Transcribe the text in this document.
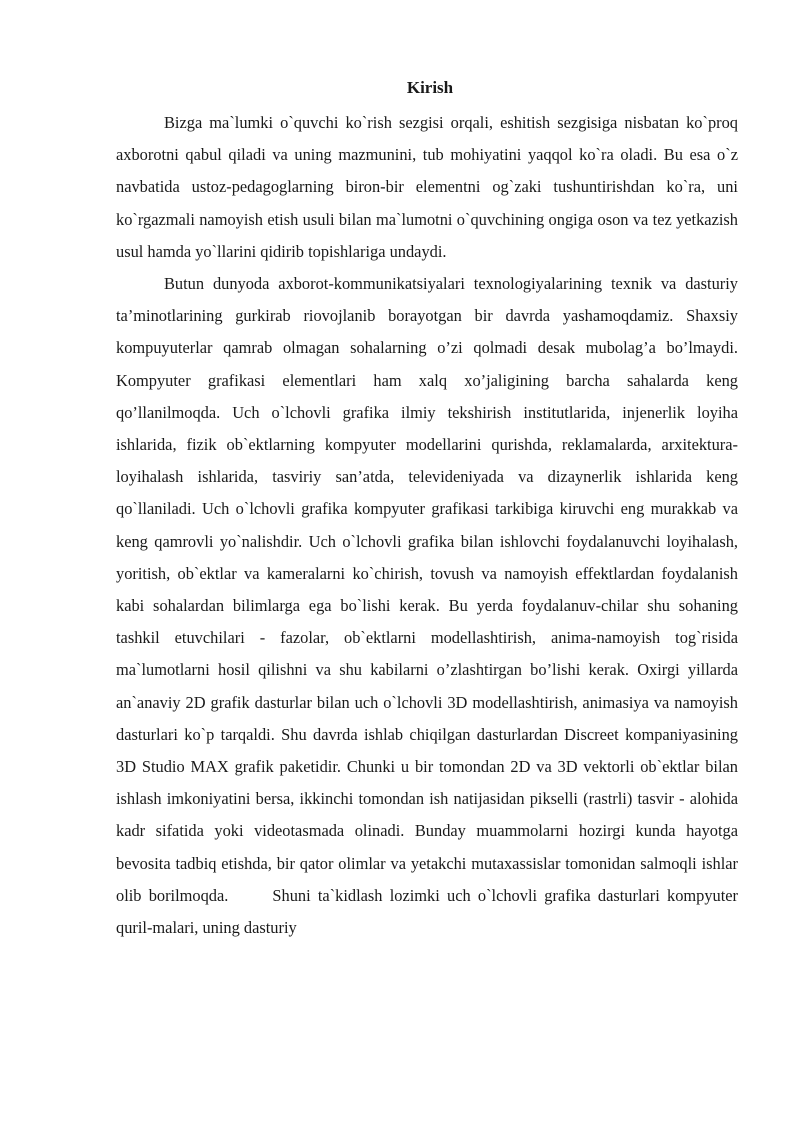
Kirish

Bizga ma`lumki o`quvchi ko`rish sezgisi orqali, eshitish sezgisiga nisbatan ko`proq axborotni qabul qiladi va uning mazmunini, tub mohiyatini yaqqol ko`ra oladi. Bu esa o`z navbatida ustoz-pedagoglarning biron-bir elementni og`zaki tushuntirishdan ko`ra, uni ko`rgazmali namoyish etish usuli bilan ma`lumotni o`quvchining ongiga oson va tez yetkazish usul hamda yo`llarini qidirib topishlariga undaydi.

Butun dunyoda axborot-kommunikatsiyalari texnologiyalarining texnik va dasturiy ta’minotlarining gurkirab riovojlanib borayotgan bir davrda yashamoqdamiz. Shaxsiy kompuyuterlar qamrab olmagan sohalarning o’zi qolmadi desak mubolag’a bo’lmaydi. Kompyuter grafikasi elementlari ham xalq xo’jaligining barcha sahalarda keng qo’llanilmoqda. Uch o`lchovli grafika ilmiy tekshirish institutlarida, injenerlik loyiha ishlarida, fizik ob`ektlarning kompyuter modellarini qurishda, reklamalarda, arxitektura-loyihalash ishlarida, tasviriy san’atda, televideniyada va dizaynerlik ishlarida keng qo`llaniladi. Uch o`lchovli grafika kompyuter grafikasi tarkibiga kiruvchi eng murakkab va keng qamrovli yo`nalishdir. Uch o`lchovli grafika bilan ishlovchi foydalanuvchi loyihalash, yoritish, ob`ektlar va kameralarni ko`chirish, tovush va namoyish effektlardan foydalanish kabi sohalardan bilimlarga ega bo`lishi kerak. Bu yerda foydalanuv-chilar shu sohaning tashkil etuvchilari - fazolar, ob`ektlarni modellashtirish, anima-namoyish tog`risida ma`lumotlarni hosil qilishni va shu kabilarni o’zlashtirgan bo’lishi kerak. Oxirgi yillarda an`anaviy 2D grafik dasturlar bilan uch o`lchovli 3D modellashtirish, animasiya va namoyish dasturlari ko`p tarqaldi. Shu davrda ishlab chiqilgan dasturlardan Discreet kompaniyasining 3D Studio MAX grafik paketidir. Chunki u bir tomondan 2D va 3D vektorli ob`ektlar bilan ishlash imkoniyatini bersa, ikkinchi tomondan ish natijasidan pikselli (rastrli) tasvir - alohida kadr sifatida yoki videotasmada olinadi. Bunday muammolarni hozirgi kunda hayotga bevosita tadbiq etishda, bir qator olimlar va yetakchi mutaxassislar tomonidan salmoqli ishlar olib borilmoqda.	Shuni ta`kidlash lozimki uch o`lchovli grafika dasturlari kompyuter quril-malari, uning dasturiy
